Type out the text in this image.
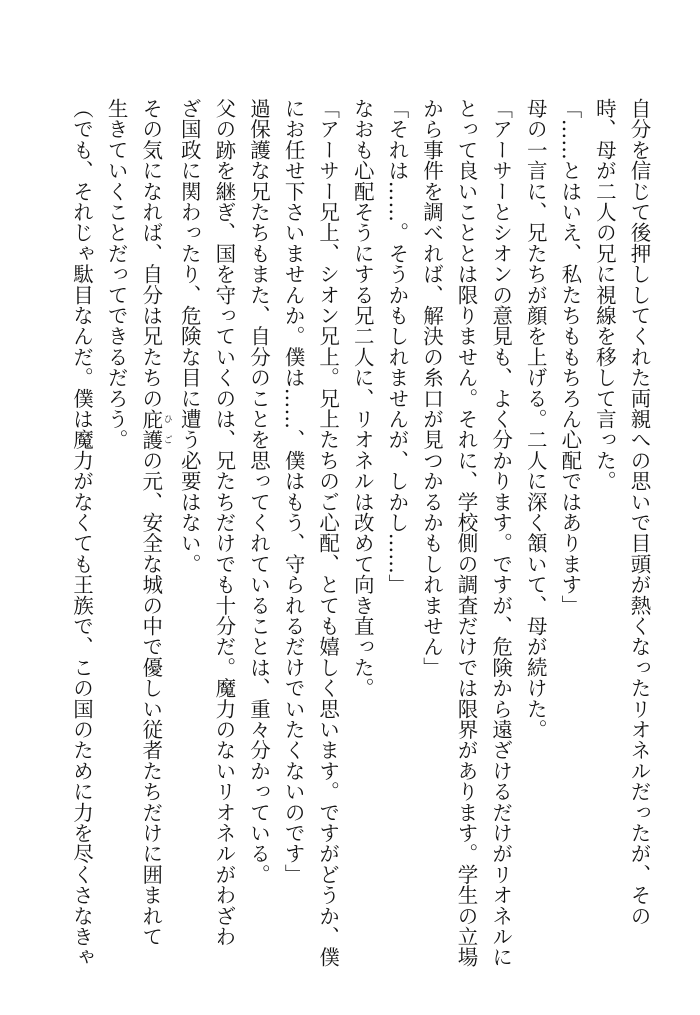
自分を信じて後押ししてくれた両親への思いで目頭が熱くなったリオネルだったが、その
時、母が二人の兄に視線を移して言った。
「……とはいえ、私たちももちろん心配ではあります」
母の一言に、兄たちが顔を上げる。二人に深く頷いて、母が続けた。
「アーサーとシオンの意見も、よく分かります。ですが、危険から遠ざけるだけがリオネルに
とって良いこととは限りません。それに、学校側の調査だけでは限界があります。学生の立場
から事件を調べれば、解決の糸口が見つかるかもしれません」
「それは……。そうかもしれませんが、しかし……」
なおも心配そうにする兄二人に、リオネルは改めて向き直った。
「アーサー兄上、シオン兄上。兄上たちのご心配、とても嬉しく思います。ですがどうか、僕
にお任せ下さいませんか。僕は……、僕はもう、守られるだけでいたくないのです」
過保護な兄たちもまた、自分のことを思ってくれていることは、重々分かっている。
父の跡を継ぎ、国を守っていくのは、兄たちだけでも十分だ。魔力のないリオネルがわざわ
ざ国政に関わったり、危険な目に遭う必要はない。
その気になれば、自分は兄たちの庇護 ひごの元、安全な城の中で優しい従者たちだけに囲まれて
生きていくことだってできるだろう。
（でも、それじゃ駄目なんだ。僕は魔力がなくても王族で、この国のために力を尽くさなきゃ
